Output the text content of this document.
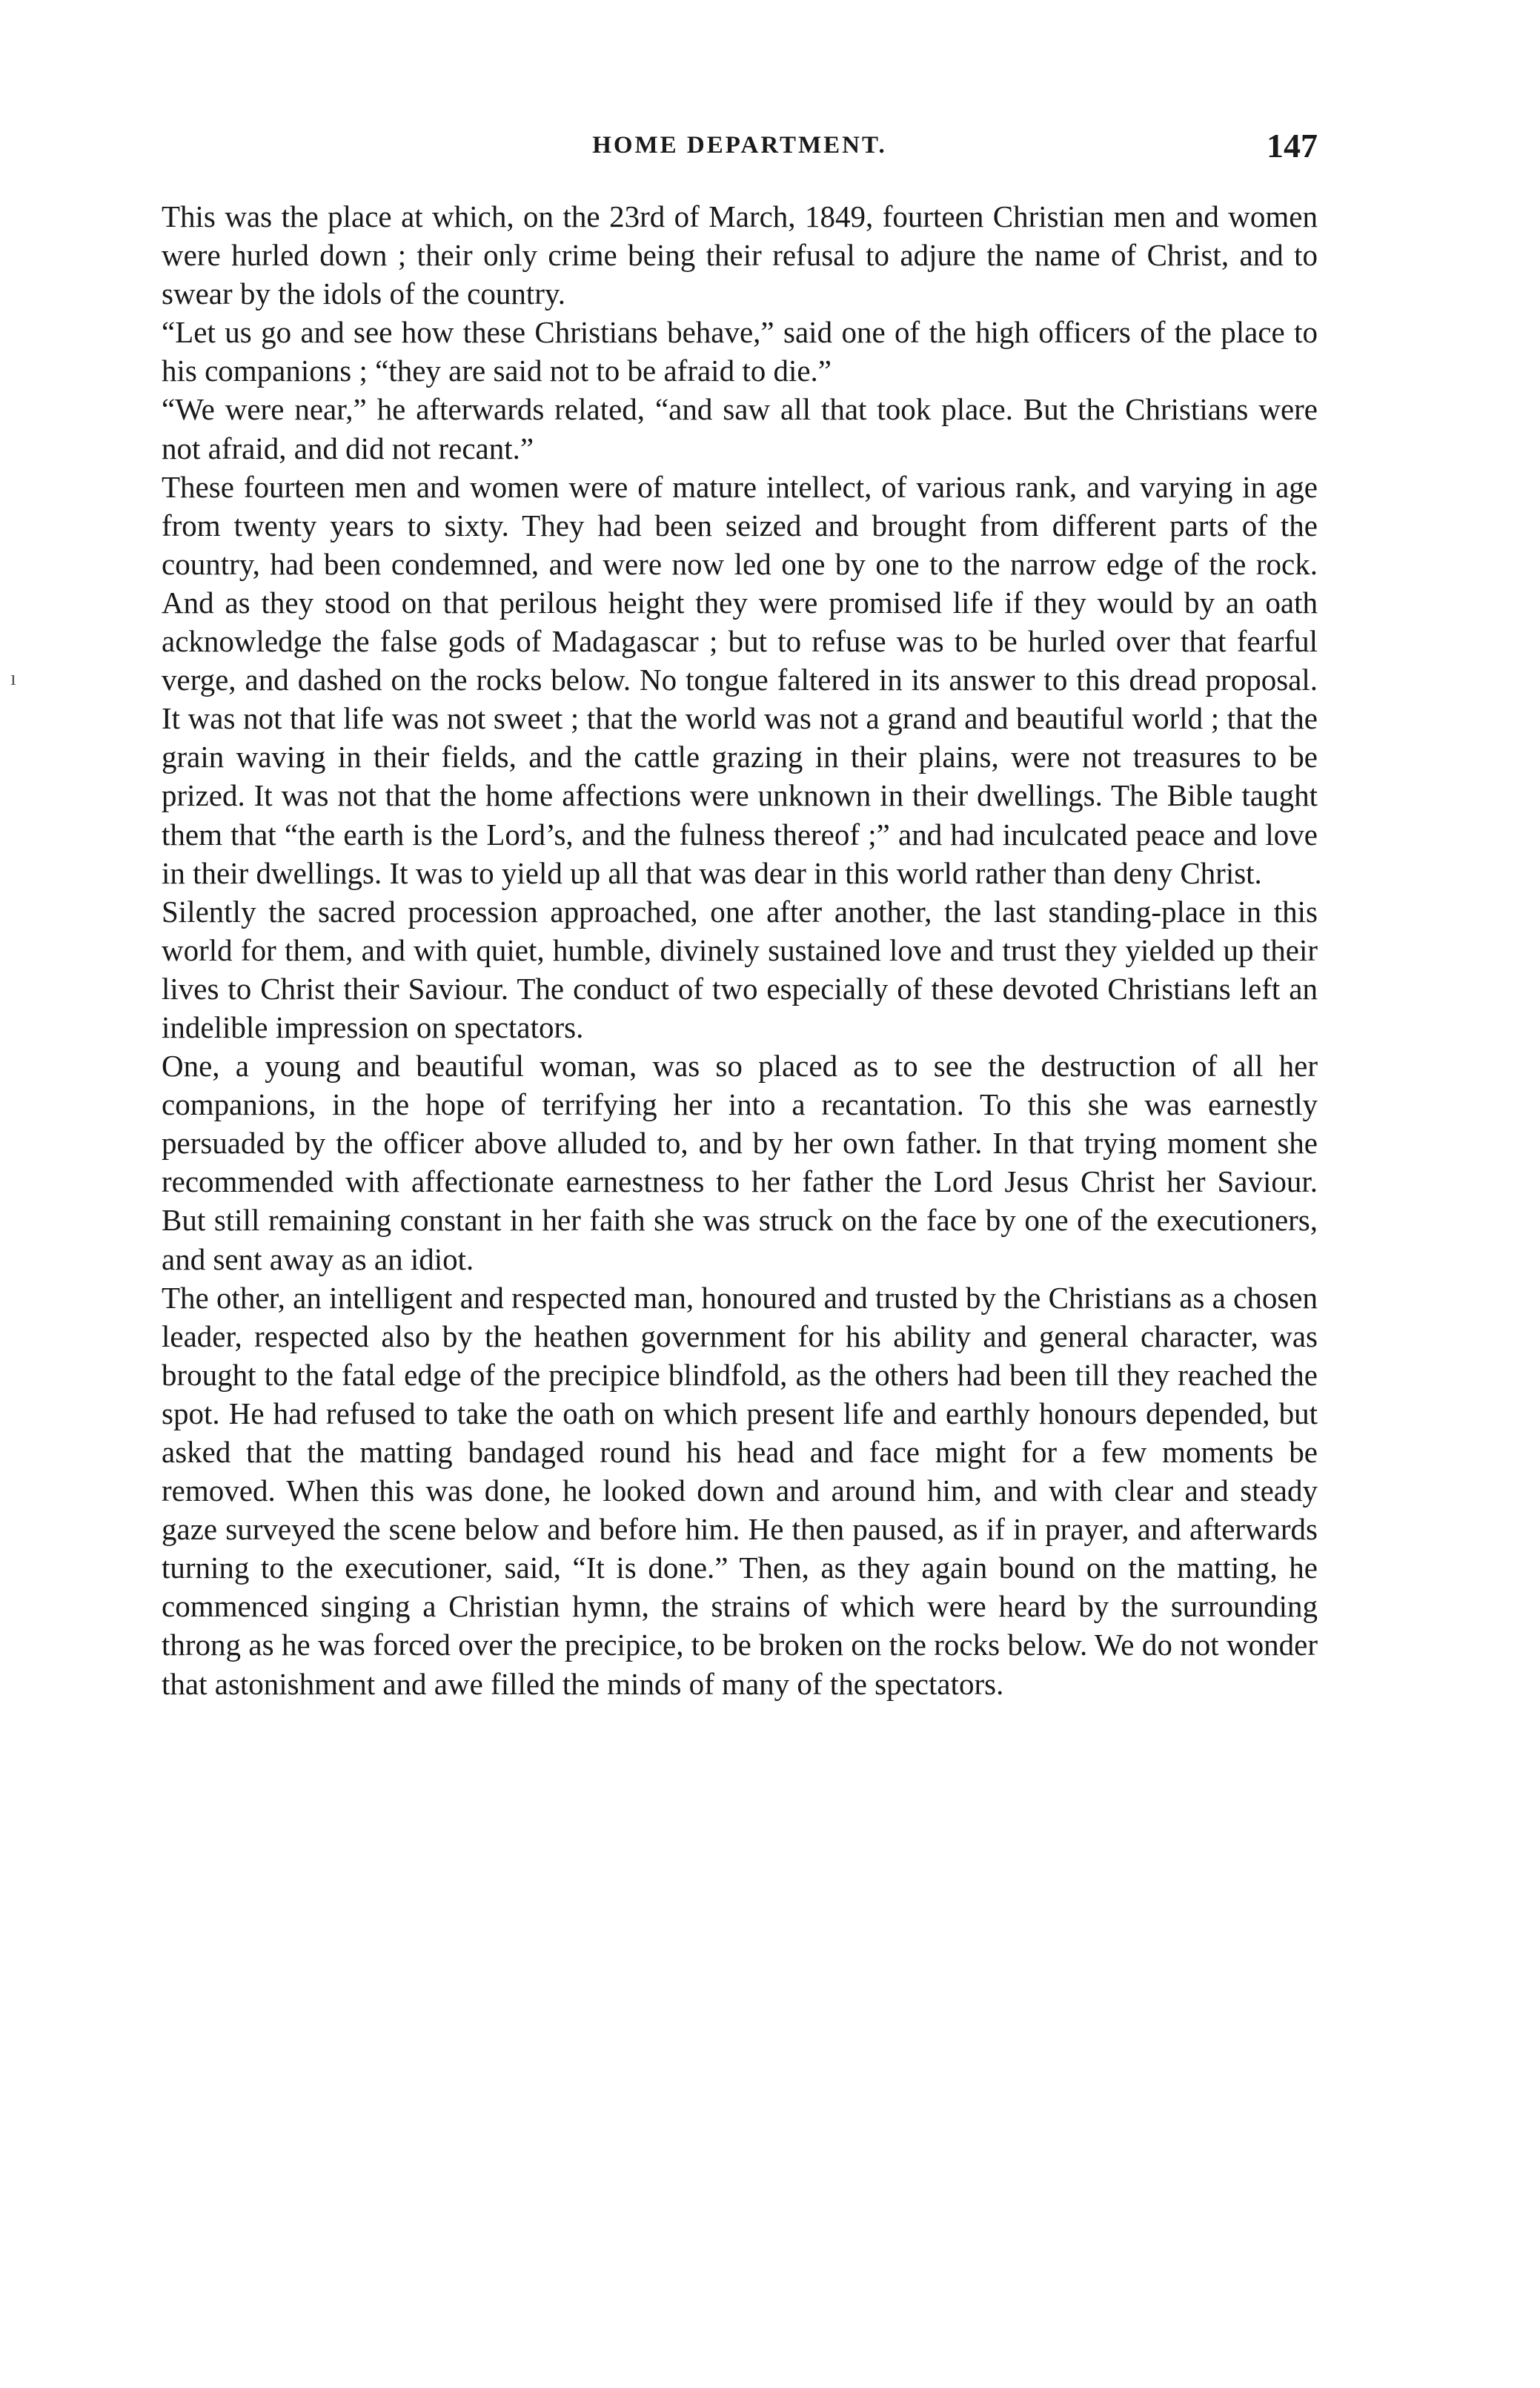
HOME DEPARTMENT.	147

This was the place at which, on the 23rd of March, 1849, fourteen Christian men and women were hurled down ; their only crime being their refusal to adjure the name of Christ, and to swear by the idols of the country.

“Let us go and see how these Christians behave,” said one of the high officers of the place to his companions ; “they are said not to be afraid to die.”

“We were near,” he afterwards related, “and saw all that took place. But the Christians were not afraid, and did not recant.”

These fourteen men and women were of mature intellect, of various rank, and varying in age from twenty years to sixty. They had been seized and brought from different parts of the country, had been condemned, and were now led one by one to the narrow edge of the rock. And as they stood on that perilous height they were promised life if they would by an oath acknowledge the false gods of Madagascar ; but to refuse was to be hurled over that fearful verge, and dashed on the rocks below. No tongue faltered in its answer to this dread proposal. It was not that life was not sweet ; that the world was not a grand and beautiful world ; that the grain waving in their fields, and the cattle grazing in their plains, were not treasures to be prized. It was not that the home affections were unknown in their dwellings. The Bible taught them that “the earth is the Lord’s, and the fulness thereof ;” and had inculcated peace and love in their dwellings. It was to yield up all that was dear in this world rather than deny Christ.

Silently the sacred procession approached, one after another, the last standing-place in this world for them, and with quiet, humble, divinely sustained love and trust they yielded up their lives to Christ their Saviour. The conduct of two especially of these devoted Christians left an indelible impression on spectators.

One, a young and beautiful woman, was so placed as to see the destruction of all her companions, in the hope of terrifying her into a recantation. To this she was earnestly persuaded by the officer above alluded to, and by her own father. In that trying moment she recommended with affectionate earnestness to her father the Lord Jesus Christ her Saviour. But still remaining constant in her faith she was struck on the face by one of the executioners, and sent away as an idiot.

The other, an intelligent and respected man, honoured and trusted by the Christians as a chosen leader, respected also by the heathen government for his ability and general character, was brought to the fatal edge of the precipice blindfold, as the others had been till they reached the spot. He had refused to take the oath on which present life and earthly honours depended, but asked that the matting bandaged round his head and face might for a few moments be removed. When this was done, he looked down and around him, and with clear and steady gaze surveyed the scene below and before him. He then paused, as if in prayer, and afterwards turning to the executioner, said, “It is done.” Then, as they again bound on the matting, he commenced singing a Christian hymn, the strains of which were heard by the surrounding throng as he was forced over the precipice, to be broken on the rocks below. We do not wonder that astonishment and awe filled the minds of many of the spectators.

ı
